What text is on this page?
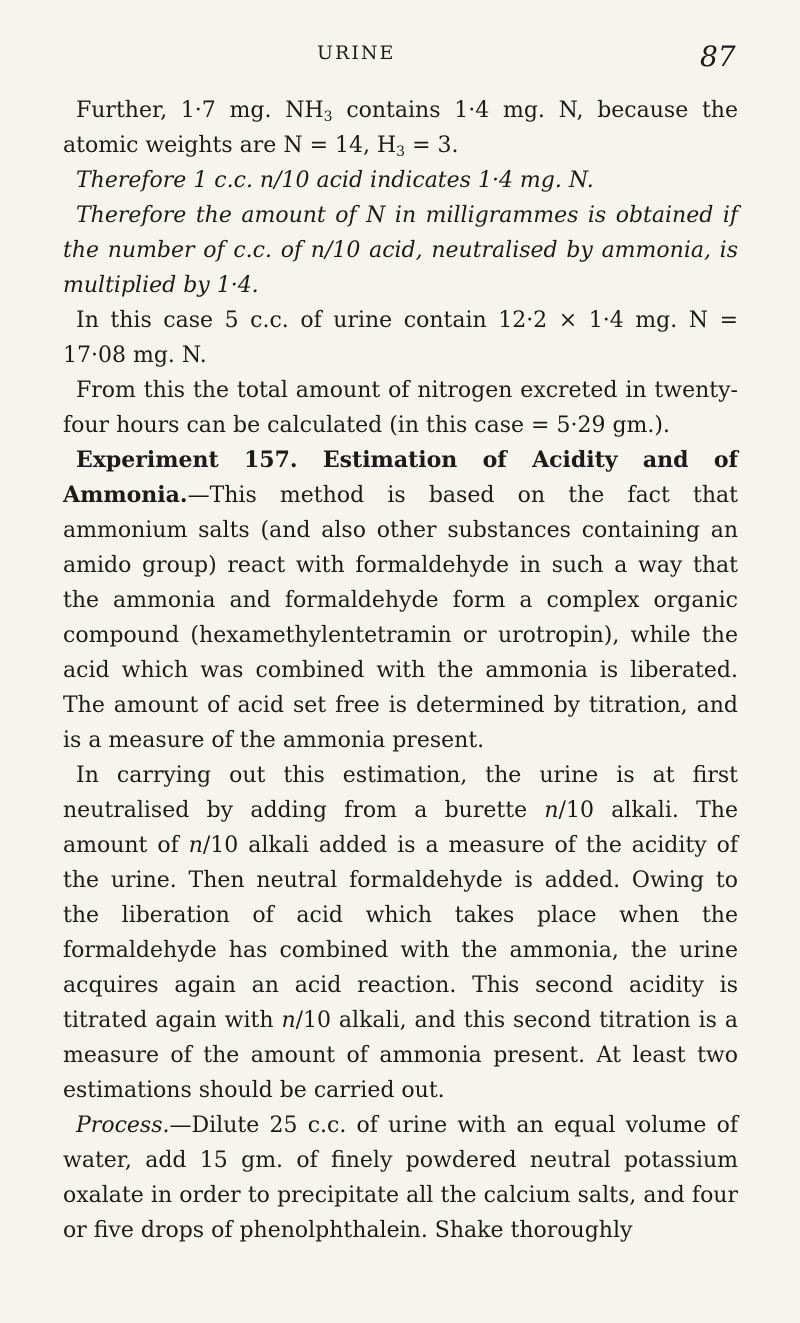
URINE	87

Further, 1·7 mg. $NH_3$ contains 1·4 mg. N, because the atomic weights are N = 14, $H_3 = 3$.

Therefore 1 c.c. n/10 acid indicates 1·4 mg. N.

Therefore the amount of N in milligrammes is obtained if the number of c.c. of n/10 acid, neutralised by ammonia, is multiplied by 1·4.

In this case 5 c.c. of urine contain 12·2 × 1·4 mg. N = 17·08 mg. N.

From this the total amount of nitrogen excreted in twenty-four hours can be calculated (in this case = 5·29 gm.).

Experiment 157. Estimation of Acidity and of Ammonia.—This method is based on the fact that ammonium salts (and also other substances containing an amido group) react with formaldehyde in such a way that the ammonia and formaldehyde form a complex organic compound (hexamethylentetramin or urotropin), while the acid which was combined with the ammonia is liberated. The amount of acid set free is determined by titration, and is a measure of the ammonia present.

In carrying out this estimation, the urine is at first neutralised by adding from a burette n/10 alkali. The amount of n/10 alkali added is a measure of the acidity of the urine. Then neutral formaldehyde is added. Owing to the liberation of acid which takes place when the formaldehyde has combined with the ammonia, the urine acquires again an acid reaction. This second acidity is titrated again with n/10 alkali, and this second titration is a measure of the amount of ammonia present. At least two estimations should be carried out.

Process.—Dilute 25 c.c. of urine with an equal volume of water, add 15 gm. of finely powdered neutral potassium oxalate in order to precipitate all the calcium salts, and four or five drops of phenolphthalein. Shake thoroughly
